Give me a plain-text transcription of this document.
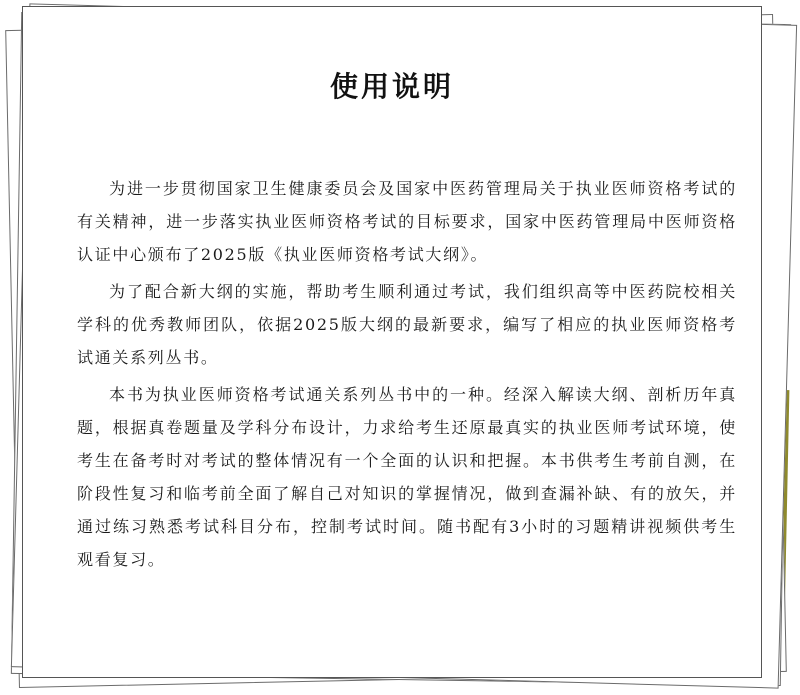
使用说明

为进一步贯彻国家卫生健康委员会及国家中医药管理局关于执业医师资格考试的有关精神，进一步落实执业医师资格考试的目标要求，国家中医药管理局中医师资格认证中心颁布了2025版《执业医师资格考试大纲》。

为了配合新大纲的实施，帮助考生顺利通过考试，我们组织高等中医药院校相关学科的优秀教师团队，依据2025版大纲的最新要求，编写了相应的执业医师资格考试通关系列丛书。

本书为执业医师资格考试通关系列丛书中的一种。经深入解读大纲、剖析历年真题，根据真卷题量及学科分布设计，力求给考生还原最真实的执业医师考试环境，使考生在备考时对考试的整体情况有一个全面的认识和把握。本书供考生考前自测，在阶段性复习和临考前全面了解自己对知识的掌握情况，做到查漏补缺、有的放矢，并通过练习熟悉考试科目分布，控制考试时间。随书配有3小时的习题精讲视频供考生观看复习。
